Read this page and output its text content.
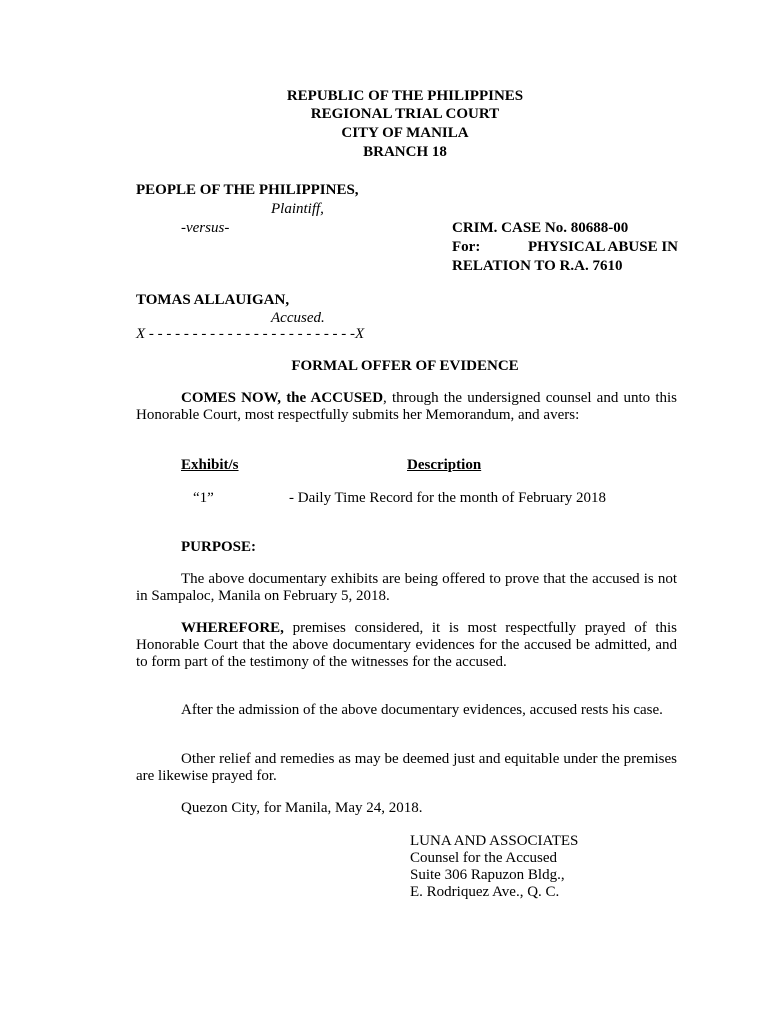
REPUBLIC OF THE PHILIPPINES
REGIONAL TRIAL COURT
CITY OF MANILA
BRANCH 18
PEOPLE OF THE PHILIPPINES,
Plaintiff,
-versus-	CRIM. CASE No. 80688-00
For:	PHYSICAL ABUSE IN
RELATION TO R.A. 7610
TOMAS ALLAUIGAN,
Accused.
X - - - - - - - - - - - - - - - - - - - - - - - -X
FORMAL OFFER OF EVIDENCE
COMES NOW, the ACCUSED, through the undersigned counsel and unto this Honorable Court, most respectfully submits her Memorandum, and avers:
Exhibit/s	Description
“1”	- Daily Time Record for the month of February 2018
PURPOSE:
The above documentary exhibits are being offered to prove that the accused is not in Sampaloc, Manila on February 5, 2018.
WHEREFORE, premises considered, it is most respectfully prayed of this Honorable Court that the above documentary evidences for the accused be admitted, and to form part of the testimony of the witnesses for the accused.
After the admission of the above documentary evidences, accused rests his case.
Other relief and remedies as may be deemed just and equitable under the premises are likewise prayed for.
Quezon City, for Manila, May 24, 2018.
LUNA AND ASSOCIATES
Counsel for the Accused
Suite 306 Rapuzon Bldg.,
E. Rodriquez Ave., Q. C.
